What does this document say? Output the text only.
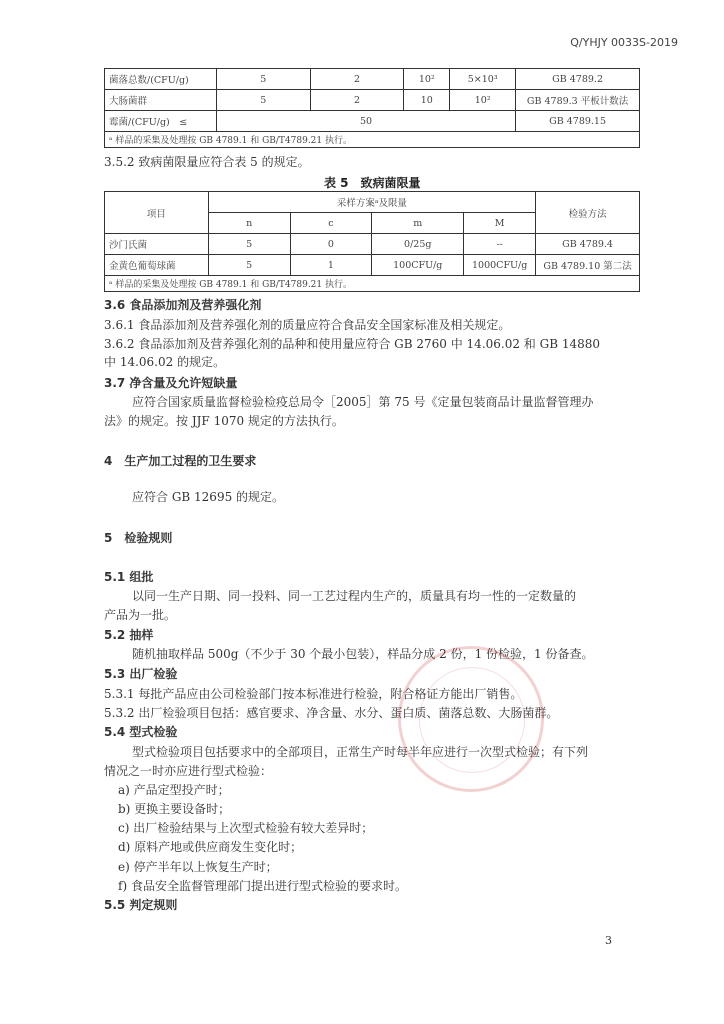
Q/YHJY 0033S-2019
菌落总数/(CFU/g)	5	2	10²	5×10³	GB 4789.2
大肠菌群	5	2	10	10²	GB 4789.3 平板计数法
霉菌/(CFU/g)　≤	50				GB 4789.15
ᵃ 样品的采集及处理按 GB 4789.1 和 GB/T4789.21 执行。					
3.5.2 致病菌限量应符合表 5 的规定。
表 5　致病菌限量
项目	采样方案ᵃ及限量				检验方法
	n	c	m	M	
沙门氏菌	5	0	0/25g	--	GB 4789.4
金黄色葡萄球菌	5	1	100CFU/g	1000CFU/g	GB 4789.10 第二法
ᵃ 样品的采集及处理按 GB 4789.1 和 GB/T4789.21 执行。					
3.6 食品添加剂及营养强化剂
3.6.1 食品添加剂及营养强化剂的质量应符合食品安全国家标准及相关规定。
3.6.2 食品添加剂及营养强化剂的品种和使用量应符合 GB 2760 中 14.06.02 和 GB 14880
中 14.06.02 的规定。
3.7 净含量及允许短缺量
应符合国家质量监督检验检疫总局令［2005］第 75 号《定量包装商品计量监督管理办
法》的规定。按 JJF 1070 规定的方法执行。
4　生产加工过程的卫生要求
应符合 GB 12695 的规定。
5　检验规则
5.1 组批
以同一生产日期、同一投料、同一工艺过程内生产的，质量具有均一性的一定数量的
产品为一批。
5.2 抽样
随机抽取样品 500g（不少于 30 个最小包装），样品分成 2 份，1 份检验，1 份备查。
5.3 出厂检验
5.3.1 每批产品应由公司检验部门按本标准进行检验，附合格证方能出厂销售。
5.3.2 出厂检验项目包括：感官要求、净含量、水分、蛋白质、菌落总数、大肠菌群。
5.4 型式检验
型式检验项目包括要求中的全部项目，正常生产时每半年应进行一次型式检验；有下列
情况之一时亦应进行型式检验：
a) 产品定型投产时；
b) 更换主要设备时；
c) 出厂检验结果与上次型式检验有较大差异时；
d) 原料产地或供应商发生变化时；
e) 停产半年以上恢复生产时；
f) 食品安全监督管理部门提出进行型式检验的要求时。
5.5 判定规则
3
